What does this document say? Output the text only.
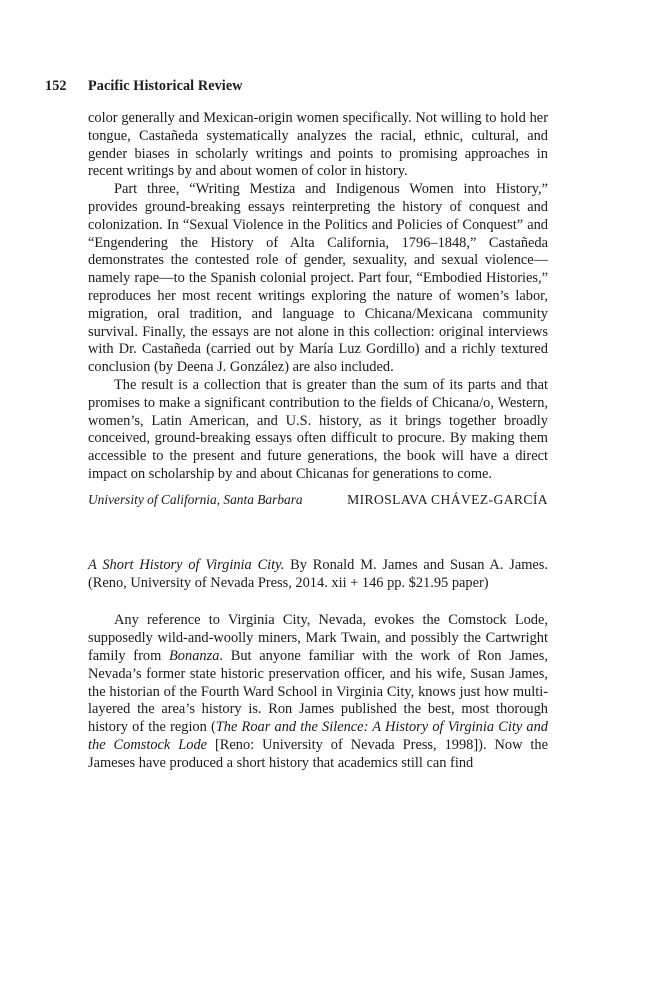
152	Pacific Historical Review

color generally and Mexican-origin women specifically. Not willing to hold her tongue, Castañeda systematically analyzes the racial, ethnic, cultural, and gender biases in scholarly writings and points to promising approaches in recent writings by and about women of color in history.

Part three, “Writing Mestiza and Indigenous Women into History,” provides ground-breaking essays reinterpreting the history of conquest and colonization. In “Sexual Violence in the Politics and Policies of Conquest” and “Engendering the History of Alta California, 1796–1848,” Castañeda demonstrates the contested role of gender, sexuality, and sexual violence—namely rape—to the Spanish colonial project. Part four, “Embodied Histories,” reproduces her most recent writings exploring the nature of women’s labor, migration, oral tradition, and language to Chicana/Mexicana community survival. Finally, the essays are not alone in this collection: original interviews with Dr. Castañeda (carried out by María Luz Gordillo) and a richly textured conclusion (by Deena J. González) are also included.

The result is a collection that is greater than the sum of its parts and that promises to make a significant contribution to the fields of Chicana/o, Western, women’s, Latin American, and U.S. history, as it brings together broadly conceived, ground-breaking essays often difficult to procure. By making them accessible to the present and future generations, the book will have a direct impact on scholarship by and about Chicanas for generations to come.

University of California, Santa Barbara	MIROSLAVA CHÁVEZ-GARCÍA

A Short History of Virginia City. By Ronald M. James and Susan A. James. (Reno, University of Nevada Press, 2014. xii + 146 pp. $21.95 paper)

Any reference to Virginia City, Nevada, evokes the Comstock Lode, supposedly wild-and-woolly miners, Mark Twain, and possibly the Cartwright family from Bonanza. But anyone familiar with the work of Ron James, Nevada’s former state historic preservation officer, and his wife, Susan James, the historian of the Fourth Ward School in Virginia City, knows just how multi-layered the area’s history is. Ron James published the best, most thorough history of the region (The Roar and the Silence: A History of Virginia City and the Comstock Lode [Reno: University of Nevada Press, 1998]). Now the Jameses have produced a short history that academics still can find
